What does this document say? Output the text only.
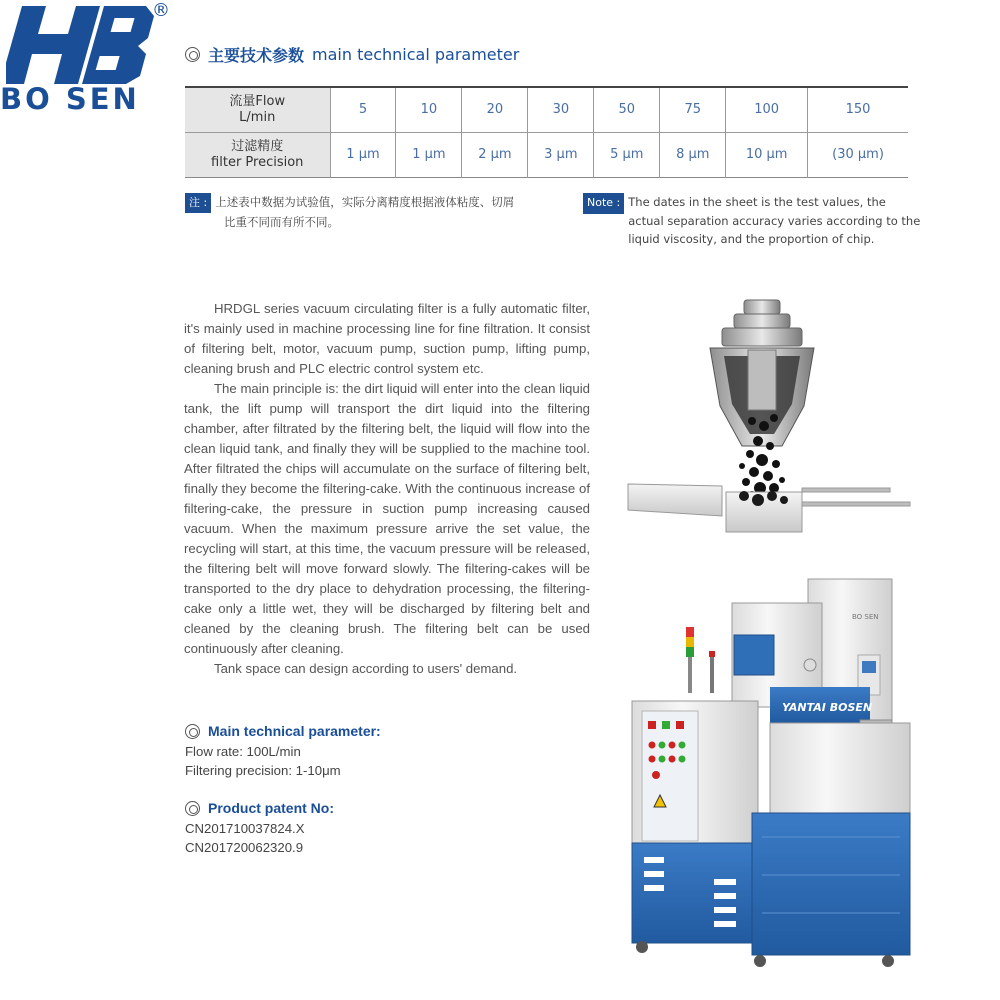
®
BO SEN
主要技术参数 main technical parameter
流量Flow
L/min	5	10	20	30	50	75	100	150

过滤精度
filter Precision	1 μm	1 μm	2 μm	3 μm	5 μm	8 μm	10 μm	(30 μm)
注 : 上述表中数据为试验值，实际分离精度根据液体粘度、切屑
比重不同而有所不同。
Note : The dates in the sheet is the test values, the actual separation accuracy varies according to the liquid viscosity, and the proportion of chip.

HRDGL series vacuum circulating filter is a fully automatic filter, it's mainly used in machine processing line for fine filtration. It consist of filtering belt, motor, vacuum pump, suction pump, lifting pump, cleaning brush and PLC electric control system etc.

The main principle is: the dirt liquid will enter into the clean liquid tank, the lift pump will transport the dirt liquid into the filtering chamber, after filtrated by the filtering belt, the liquid will flow into the clean liquid tank, and finally they will be supplied to the machine tool. After filtrated the chips will accumulate on the surface of filtering belt, finally they become the filtering-cake. With the continuous increase of filtering-cake, the pressure in suction pump increasing caused vacuum. When the maximum pressure arrive the set value, the recycling will start, at this time, the vacuum pressure will be released, the filtering belt will move forward slowly. The filtering-cakes will be transported to the dry place to dehydration processing, the filtering-cake only a little wet, they will be discharged by filtering belt and cleaned by the cleaning brush. The filtering belt can be used continuously after cleaning.

Tank space can design according to users' demand.

Main technical parameter:
Flow rate: 100L/min
Filtering precision: 1-10μm
Product patent No:
CN201710037824.X
CN201720062320.9
YANTAI BOSEN
BO SEN
